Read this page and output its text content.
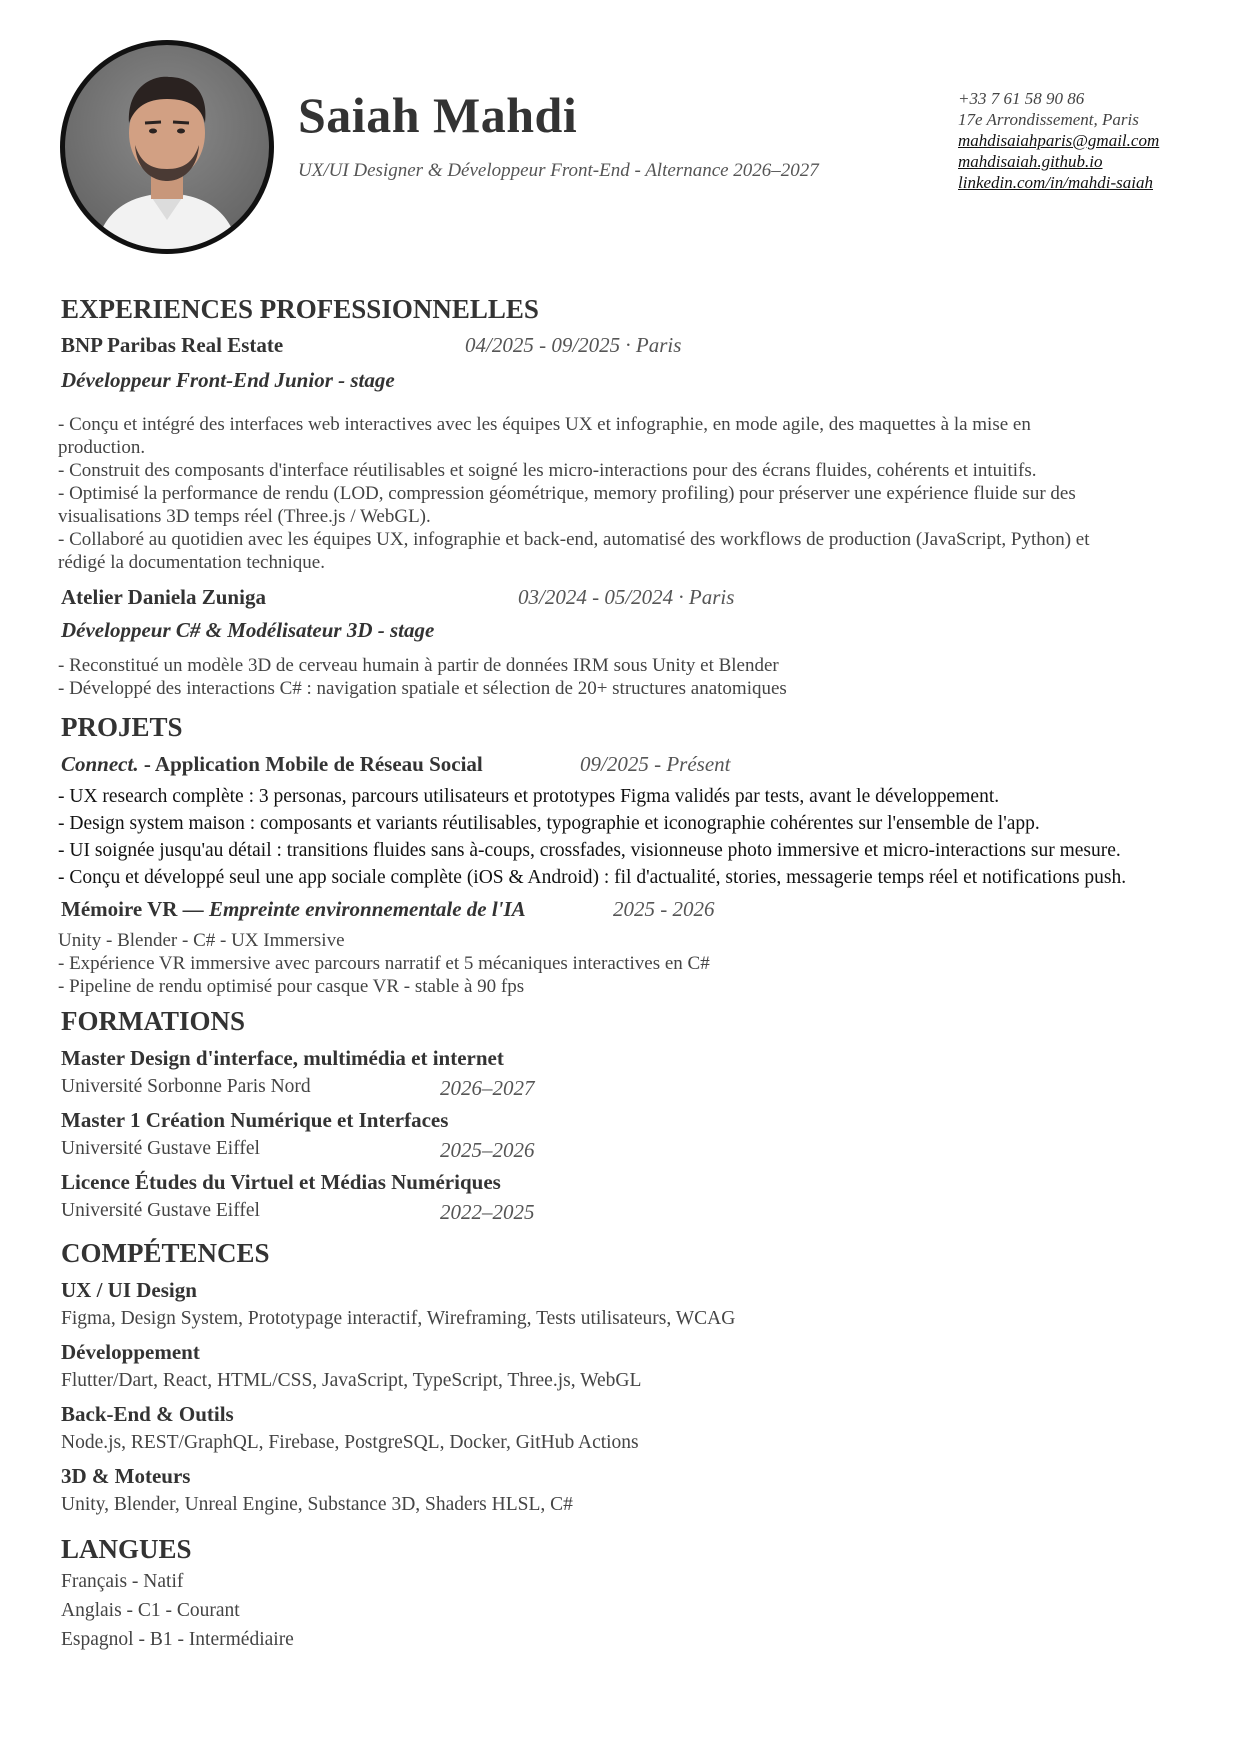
Saiah Mahdi
UX/UI Designer & Développeur Front-End - Alternance 2026–2027
+33 7 61 58 90 86
17e Arrondissement, Paris
mahdisaiahparis@gmail.com
mahdisaiah.github.io
linkedin.com/in/mahdi-saiah
EXPERIENCES PROFESSIONNELLES
BNP Paribas Real Estate	04/2025 - 09/2025 · Paris
Développeur Front-End Junior - stage
- Conçu et intégré des interfaces web interactives avec les équipes UX et infographie, en mode agile, des maquettes à la mise en
production.
- Construit des composants d'interface réutilisables et soigné les micro-interactions pour des écrans fluides, cohérents et intuitifs.
- Optimisé la performance de rendu (LOD, compression géométrique, memory profiling) pour préserver une expérience fluide sur des
visualisations 3D temps réel (Three.js / WebGL).
- Collaboré au quotidien avec les équipes UX, infographie et back-end, automatisé des workflows de production (JavaScript, Python) et
rédigé la documentation technique.
Atelier Daniela Zuniga	03/2024 - 05/2024 · Paris
Développeur C# & Modélisateur 3D - stage
- Reconstitué un modèle 3D de cerveau humain à partir de données IRM sous Unity et Blender
- Développé des interactions C# : navigation spatiale et sélection de 20+ structures anatomiques
PROJETS
Connect. - Application Mobile de Réseau Social	09/2025 - Présent
- UX research complète : 3 personas, parcours utilisateurs et prototypes Figma validés par tests, avant le développement.
- Design system maison : composants et variants réutilisables, typographie et iconographie cohérentes sur l'ensemble de l'app.
- UI soignée jusqu'au détail : transitions fluides sans à-coups, crossfades, visionneuse photo immersive et micro-interactions sur mesure.
- Conçu et développé seul une app sociale complète (iOS & Android) : fil d'actualité, stories, messagerie temps réel et notifications push.
Mémoire VR — Empreinte environnementale de l'IA	2025 - 2026
Unity - Blender - C# - UX Immersive
- Expérience VR immersive avec parcours narratif et 5 mécaniques interactives en C#
- Pipeline de rendu optimisé pour casque VR - stable à 90 fps
FORMATIONS
Master Design d'interface, multimédia et internet
Université Sorbonne Paris Nord	2026–2027
Master 1 Création Numérique et Interfaces
Université Gustave Eiffel	2025–2026
Licence Études du Virtuel et Médias Numériques
Université Gustave Eiffel	2022–2025
COMPÉTENCES
UX / UI Design
Figma, Design System, Prototypage interactif, Wireframing, Tests utilisateurs, WCAG
Développement
Flutter/Dart, React, HTML/CSS, JavaScript, TypeScript, Three.js, WebGL
Back-End & Outils
Node.js, REST/GraphQL, Firebase, PostgreSQL, Docker, GitHub Actions
3D & Moteurs
Unity, Blender, Unreal Engine, Substance 3D, Shaders HLSL, C#
LANGUES
Français - Natif
Anglais - C1 - Courant
Espagnol - B1 - Intermédiaire
